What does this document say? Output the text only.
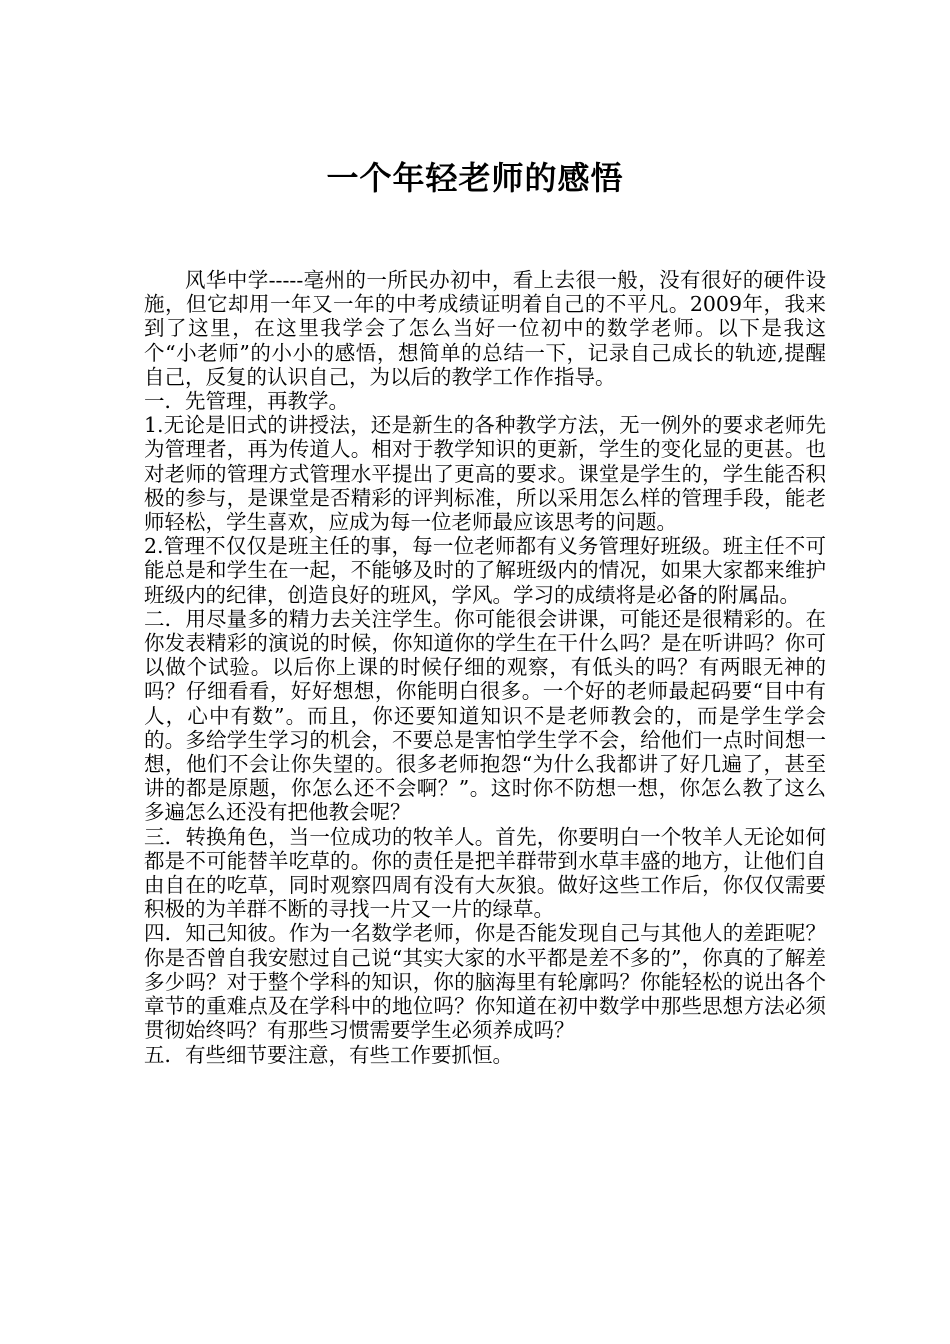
一个年轻老师的感悟

风华中学-----亳州的一所民办初中，看上去很一般，没有很好的硬件设施，但它却用一年又一年的中考成绩证明着自己的不平凡。2009年，我来到了这里，在这里我学会了怎么当好一位初中的数学老师。以下是我这个“小老师”的小小的感悟，想简单的总结一下，记录自己成长的轨迹,提醒自己，反复的认识自己，为以后的教学工作作指导。

一．先管理，再教学。

1.无论是旧式的讲授法，还是新生的各种教学方法，无一例外的要求老师先为管理者，再为传道人。相对于教学知识的更新，学生的变化显的更甚。也对老师的管理方式管理水平提出了更高的要求。课堂是学生的，学生能否积极的参与，是课堂是否精彩的评判标准，所以采用怎么样的管理手段，能老师轻松，学生喜欢，应成为每一位老师最应该思考的问题。

2.管理不仅仅是班主任的事，每一位老师都有义务管理好班级。班主任不可能总是和学生在一起，不能够及时的了解班级内的情况，如果大家都来维护班级内的纪律，创造良好的班风，学风。学习的成绩将是必备的附属品。

二．用尽量多的精力去关注学生。你可能很会讲课，可能还是很精彩的。在你发表精彩的演说的时候，你知道你的学生在干什么吗？是在听讲吗？你可以做个试验。以后你上课的时候仔细的观察，有低头的吗？有两眼无神的吗？仔细看看，好好想想，你能明白很多。一个好的老师最起码要“目中有人，心中有数”。而且，你还要知道知识不是老师教会的，而是学生学会的。多给学生学习的机会，不要总是害怕学生学不会，给他们一点时间想一想，他们不会让你失望的。很多老师抱怨“为什么我都讲了好几遍了，甚至讲的都是原题，你怎么还不会啊？”。这时你不防想一想，你怎么教了这么多遍怎么还没有把他教会呢？

三．转换角色，当一位成功的牧羊人。首先，你要明白一个牧羊人无论如何都是不可能替羊吃草的。你的责任是把羊群带到水草丰盛的地方，让他们自由自在的吃草，同时观察四周有没有大灰狼。做好这些工作后，你仅仅需要积极的为羊群不断的寻找一片又一片的绿草。

四．知己知彼。作为一名数学老师，你是否能发现自己与其他人的差距呢？你是否曾自我安慰过自己说“其实大家的水平都是差不多的”，你真的了解差多少吗？对于整个学科的知识，你的脑海里有轮廓吗？你能轻松的说出各个章节的重难点及在学科中的地位吗？你知道在初中数学中那些思想方法必须贯彻始终吗？有那些习惯需要学生必须养成吗？

五．有些细节要注意，有些工作要抓恒。
